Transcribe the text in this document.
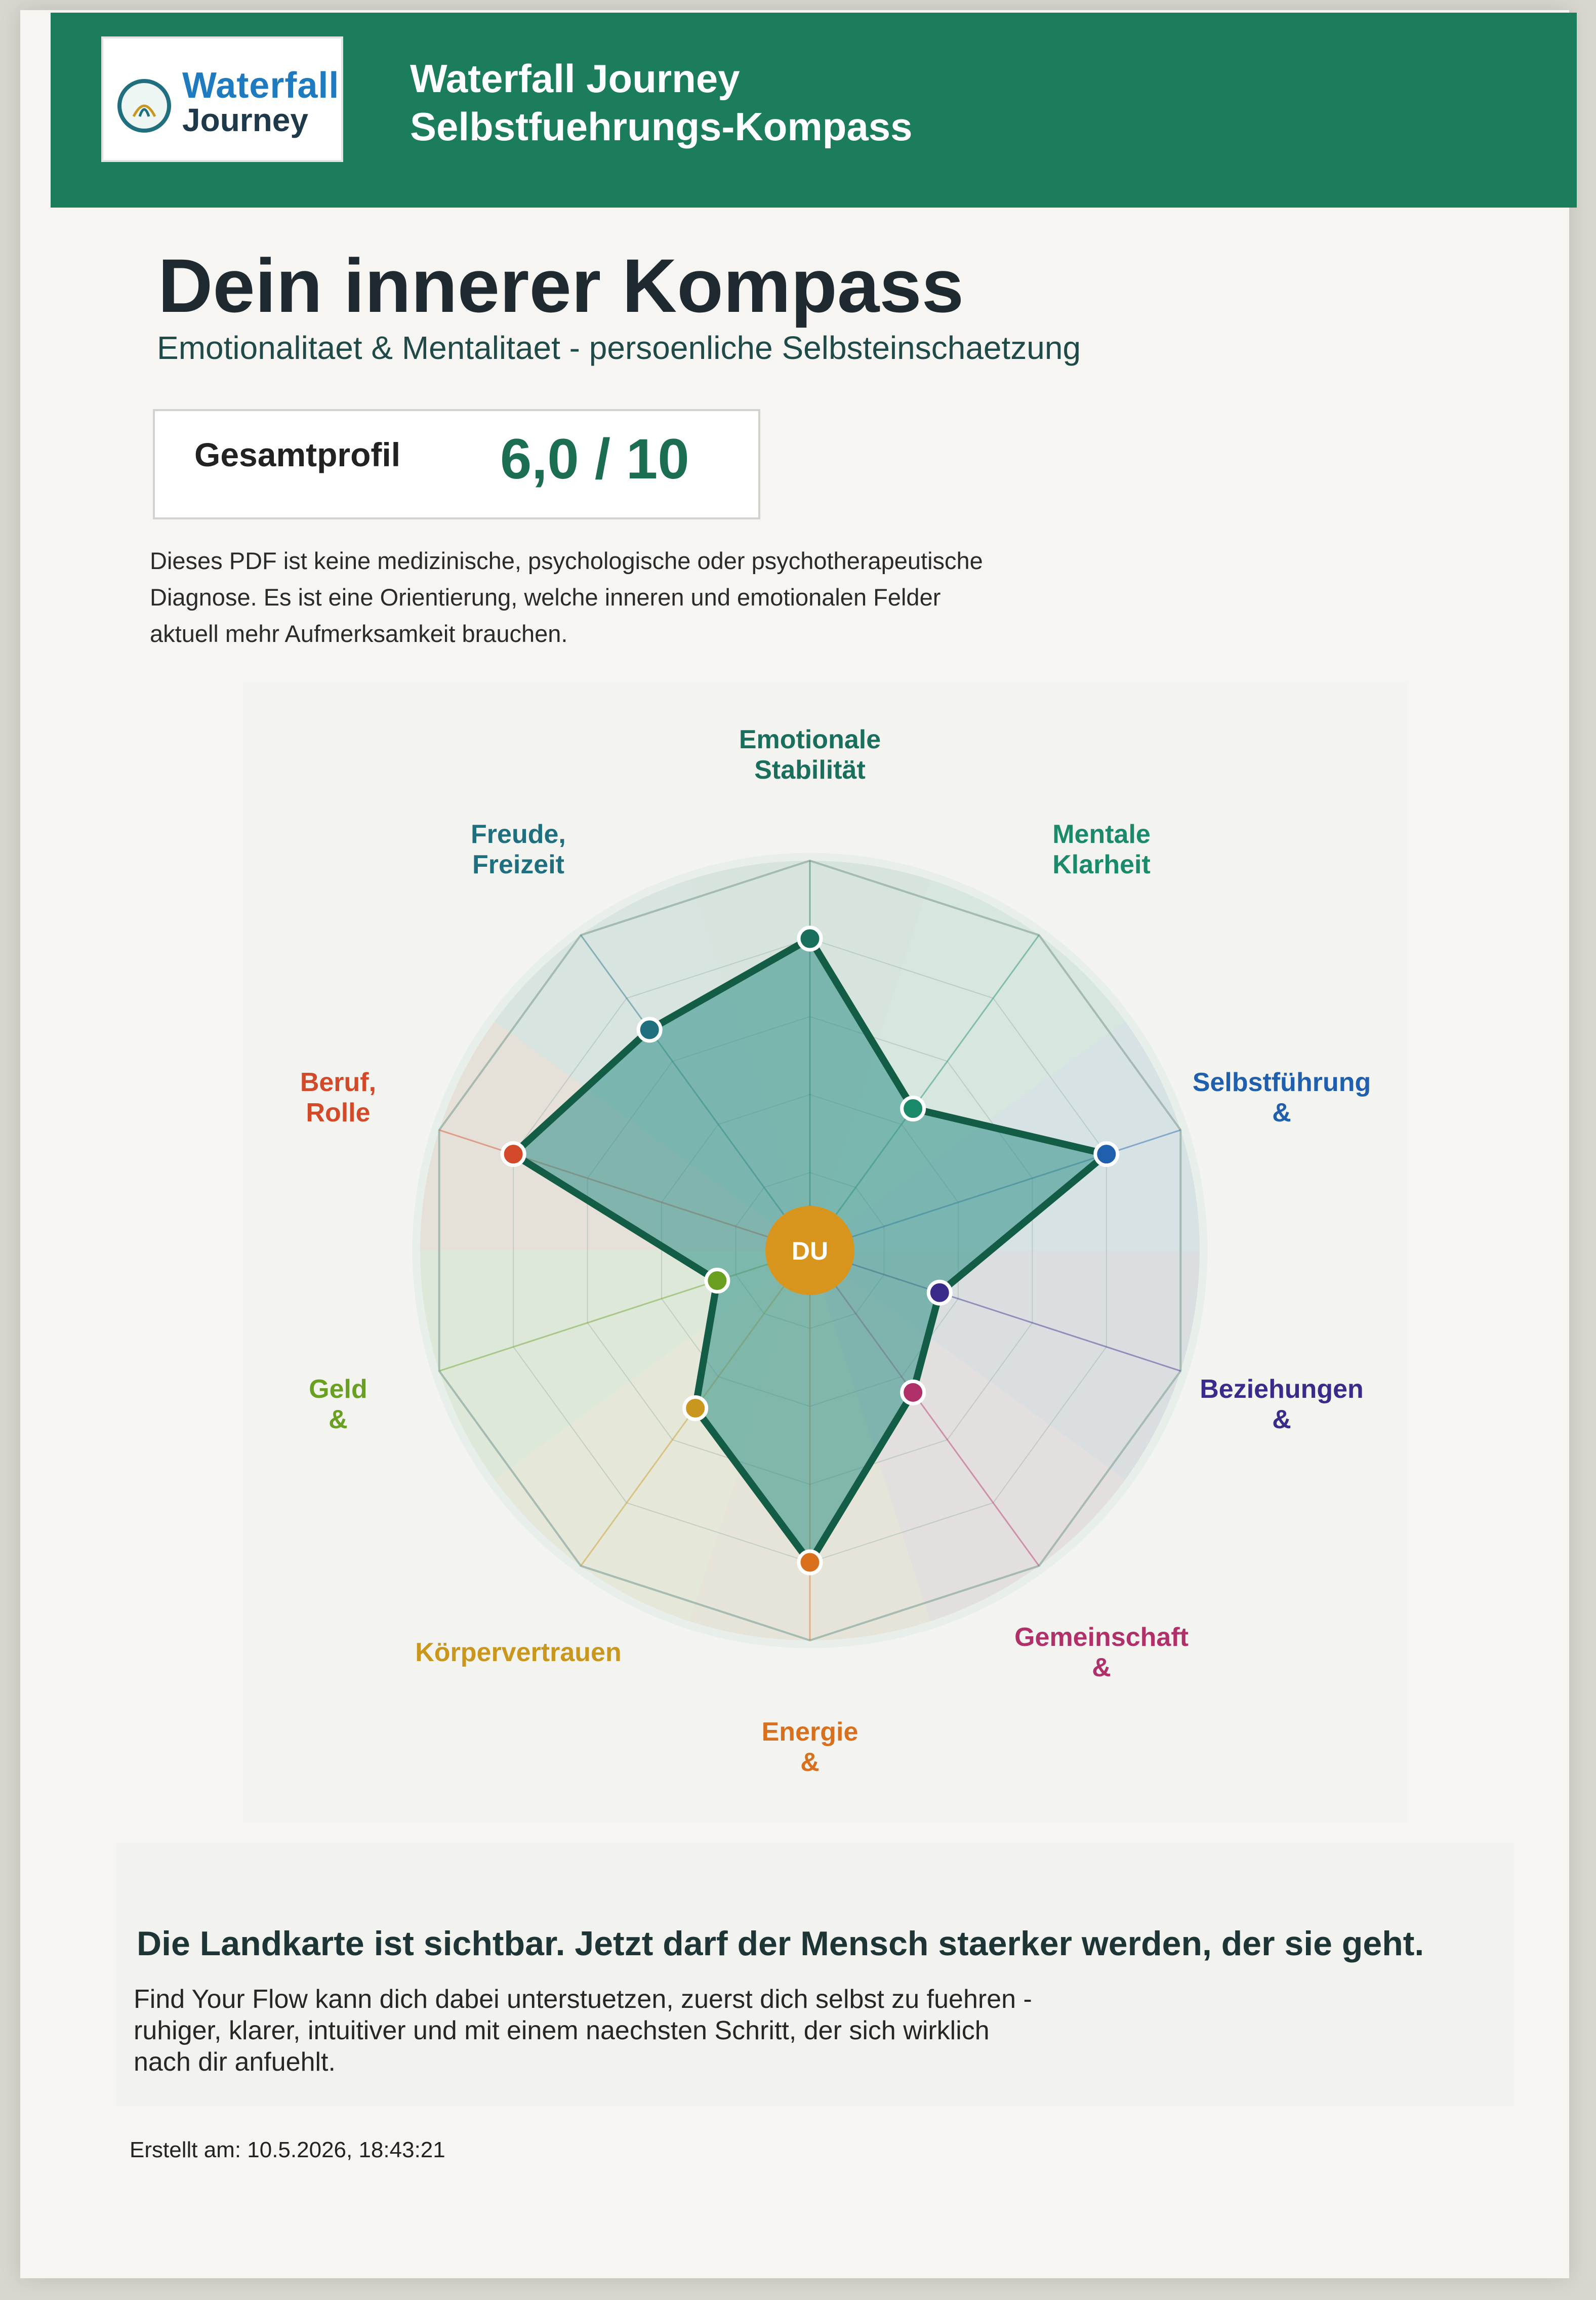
Waterfall
Journey
Waterfall Journey
Selbstfuehrungs-Kompass
Dein innerer Kompass
Emotionalitaet & Mentalitaet - persoenliche Selbsteinschaetzung
Gesamtprofil 6,0 / 10
Dieses PDF ist keine medizinische, psychologische oder psychotherapeutische
Diagnose. Es ist eine Orientierung, welche inneren und emotionalen Felder
aktuell mehr Aufmerksamkeit brauchen.
DU
Emotionale Stabilität
Mentale Klarheit
Selbstführung &
Beziehungen &
Gemeinschaft &
Energie &
Körpervertrauen
Geld &
Beruf, Rolle
Freude, Freizeit
Die Landkarte ist sichtbar. Jetzt darf der Mensch staerker werden, der sie geht.
Find Your Flow kann dich dabei unterstuetzen, zuerst dich selbst zu fuehren -
ruhiger, klarer, intuitiver und mit einem naechsten Schritt, der sich wirklich
nach dir anfuehlt.
Erstellt am: 10.5.2026, 18:43:21
